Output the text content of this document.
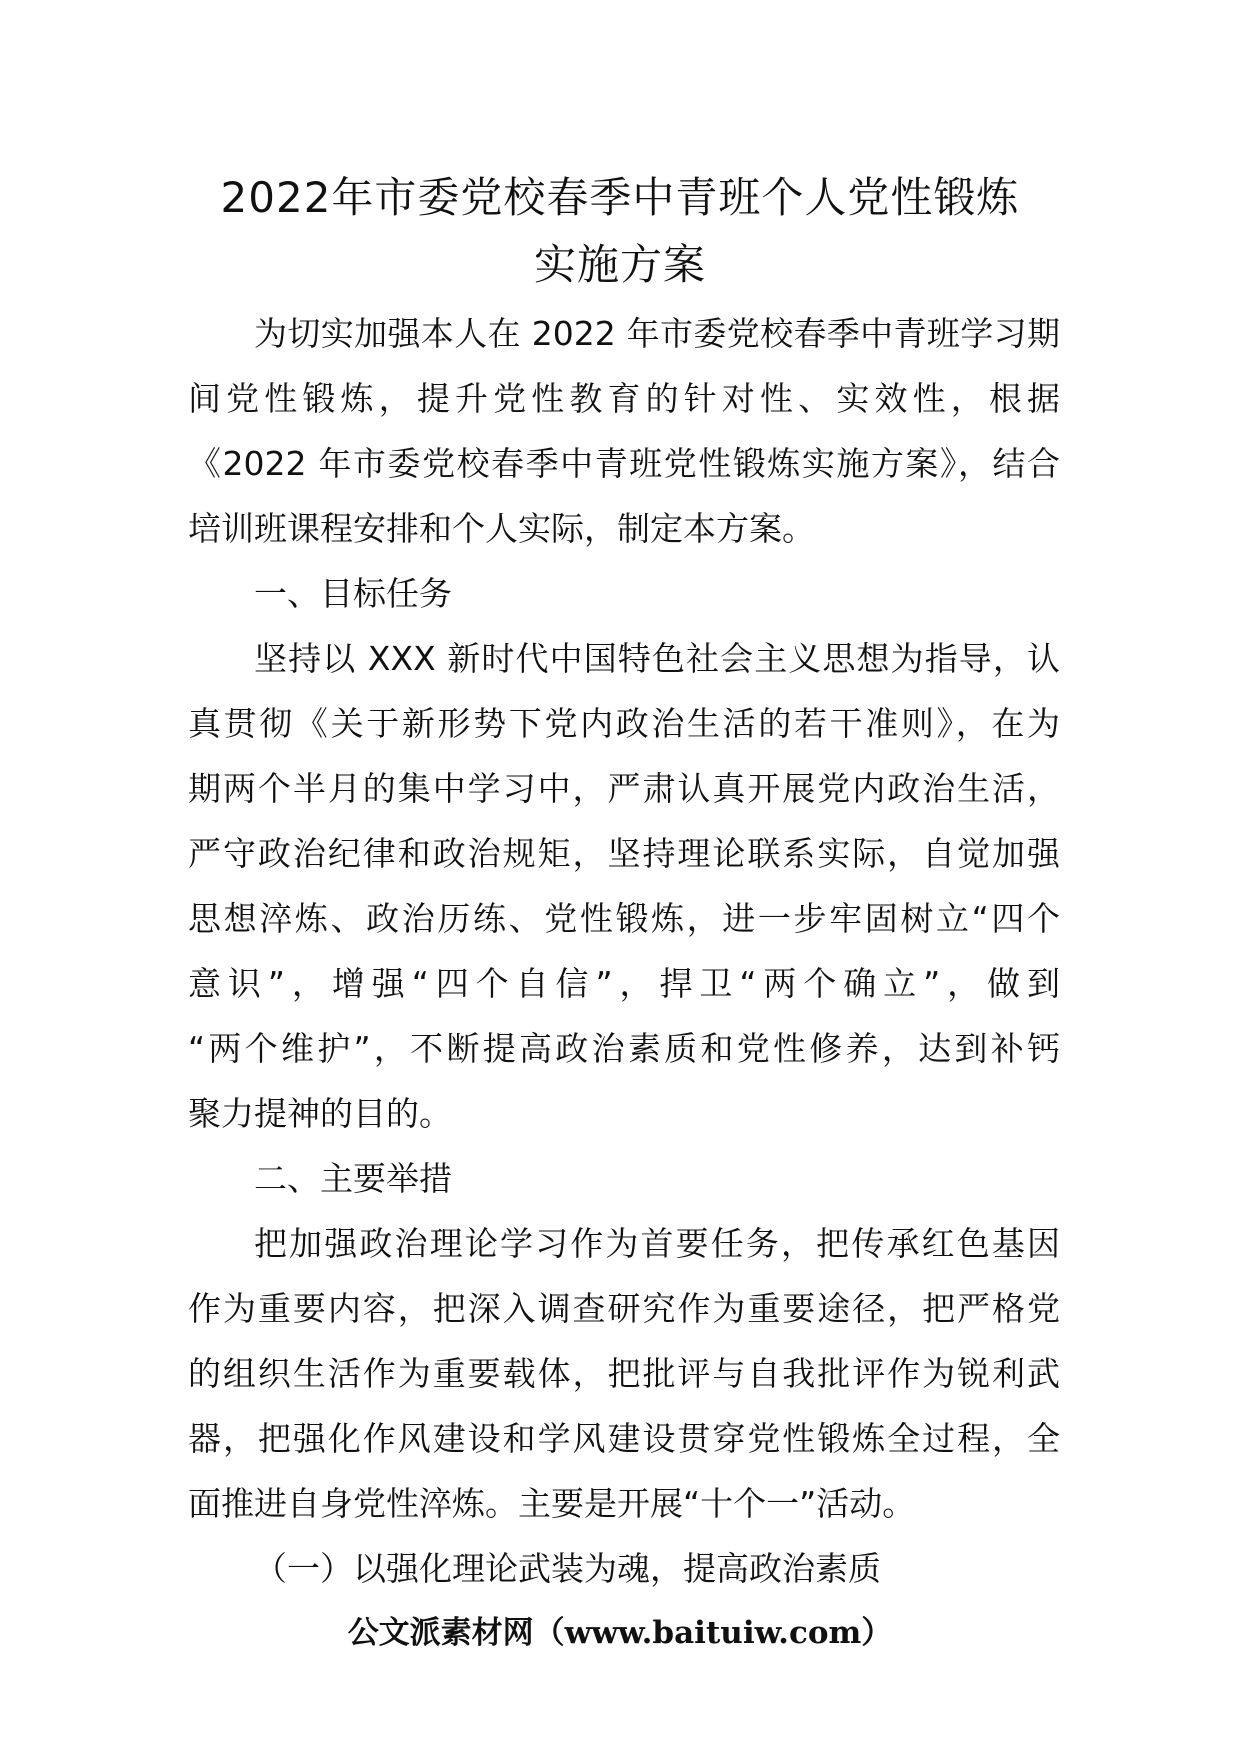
2022年市委党校春季中青班个人党性锻炼
实施方案
为切实加强本人在 2022 年市委党校春季中青班学习期
间党性锻炼，提升党性教育的针对性、实效性，根据
《2022 年市委党校春季中青班党性锻炼实施方案》，结合
培训班课程安排和个人实际，制定本方案。
一、目标任务
坚持以 XXX 新时代中国特色社会主义思想为指导，认
真贯彻《关于新形势下党内政治生活的若干准则》，在为
期两个半月的集中学习中，严肃认真开展党内政治生活，
严守政治纪律和政治规矩，坚持理论联系实际，自觉加强
思想淬炼、政治历练、党性锻炼，进一步牢固树立“四个
意识”，增强“四个自信”，捍卫“两个确立”，做到
“两个维护”，不断提高政治素质和党性修养，达到补钙
聚力提神的目的。
二、主要举措
把加强政治理论学习作为首要任务，把传承红色基因
作为重要内容，把深入调查研究作为重要途径，把严格党
的组织生活作为重要载体，把批评与自我批评作为锐利武
器，把强化作风建设和学风建设贯穿党性锻炼全过程，全
面推进自身党性淬炼。主要是开展“十个一”活动。
（一）以强化理论武装为魂，提高政治素质
公文派素材网（www.baituiw.com）
